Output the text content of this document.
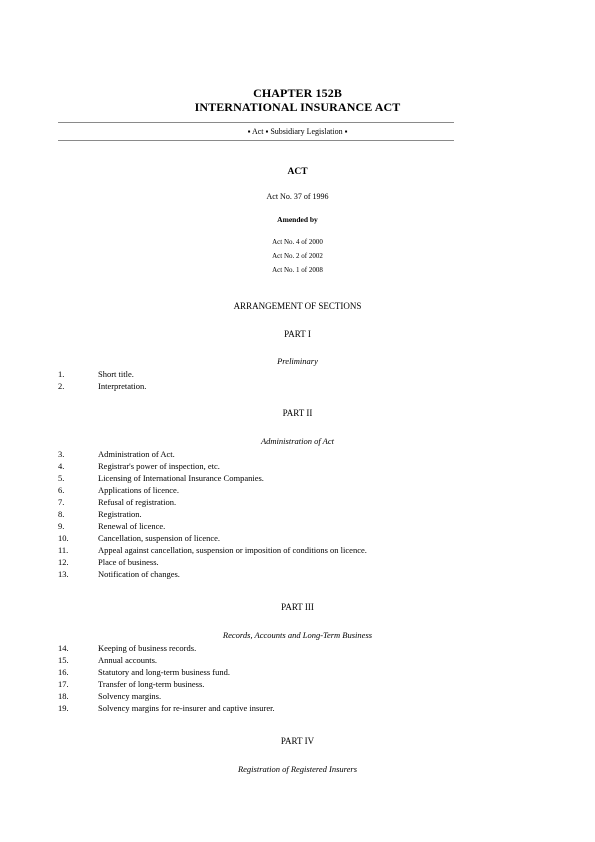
CHAPTER 152B
INTERNATIONAL INSURANCE ACT
▪ Act ▪ Subsidiary Legislation ▪
ACT
Act No. 37 of 1996
Amended by
Act No. 4 of 2000
Act No. 2 of 2002
Act No. 1 of 2008
ARRANGEMENT OF SECTIONS
PART I
Preliminary
1.	Short title.
2.	Interpretation.
PART II
Administration of Act
3.	Administration of Act.
4.	Registrar's power of inspection, etc.
5.	Licensing of International Insurance Companies.
6.	Applications of licence.
7.	Refusal of registration.
8.	Registration.
9.	Renewal of licence.
10.	Cancellation, suspension of licence.
11.	Appeal against cancellation, suspension or imposition of conditions on licence.
12.	Place of business.
13.	Notification of changes.
PART III
Records, Accounts and Long-Term Business
14.	Keeping of business records.
15.	Annual accounts.
16.	Statutory and long-term business fund.
17.	Transfer of long-term business.
18.	Solvency margins.
19.	Solvency margins for re-insurer and captive insurer.
PART IV
Registration of Registered Insurers
